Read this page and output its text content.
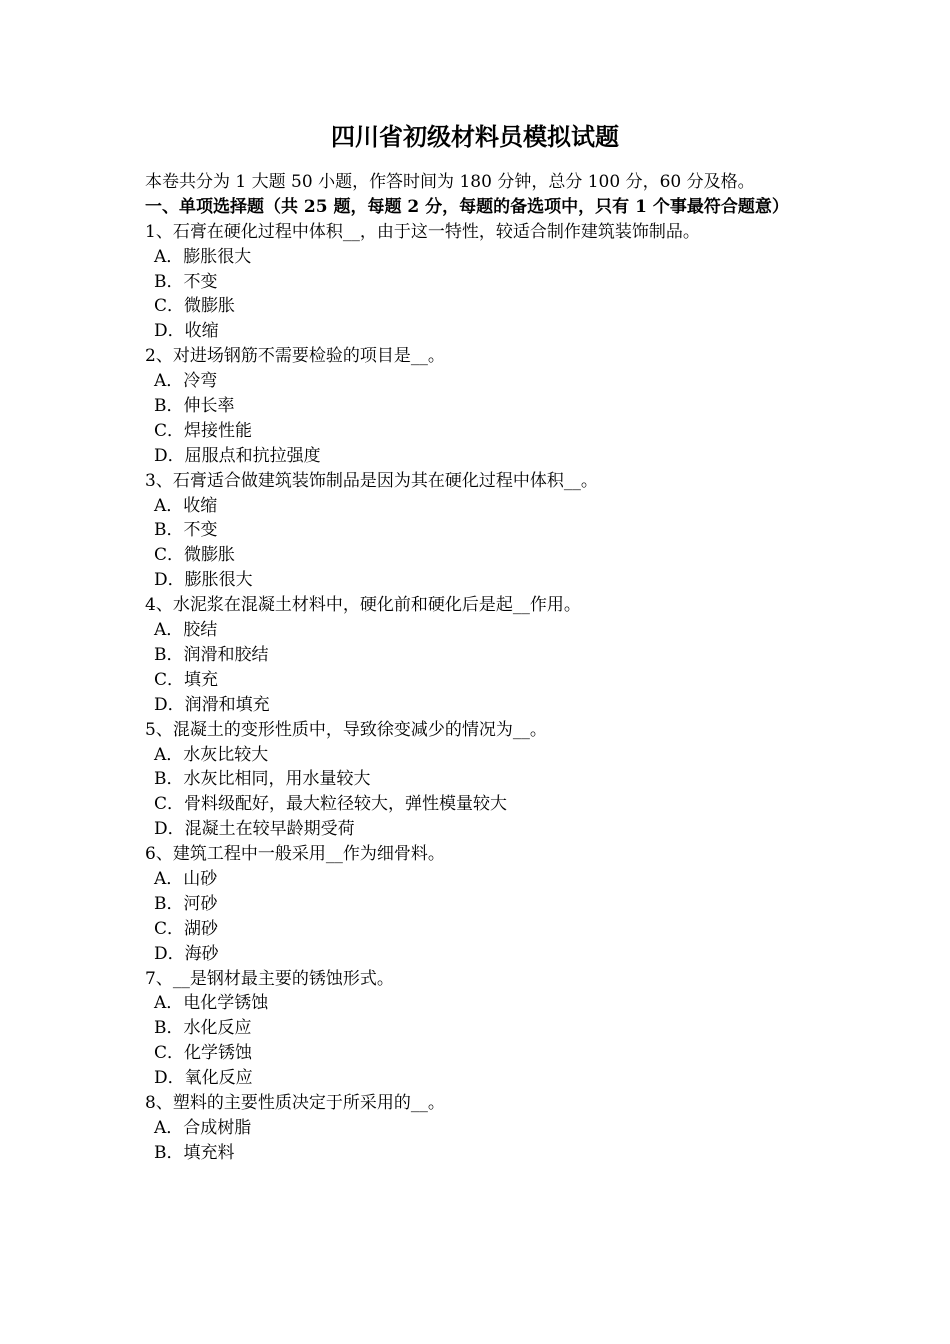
四川省初级材料员模拟试题

本卷共分为 1 大题 50 小题，作答时间为 180 分钟，总分 100 分，60 分及格。

一、单项选择题（共 25 题，每题 2 分，每题的备选项中，只有 1 个事最符合题意）

1、石膏在硬化过程中体积__，由于这一特性，较适合制作建筑装饰制品。

A．膨胀很大

B．不变

C．微膨胀

D．收缩

2、对进场钢筋不需要检验的项目是__。

A．冷弯

B．伸长率

C．焊接性能

D．屈服点和抗拉强度

3、石膏适合做建筑装饰制品是因为其在硬化过程中体积__。

A．收缩

B．不变

C．微膨胀

D．膨胀很大

4、水泥浆在混凝土材料中，硬化前和硬化后是起__作用。

A．胶结

B．润滑和胶结

C．填充

D．润滑和填充

5、混凝土的变形性质中，导致徐变减少的情况为__。

A．水灰比较大

B．水灰比相同，用水量较大

C．骨料级配好，最大粒径较大，弹性模量较大

D．混凝土在较早龄期受荷

6、建筑工程中一般采用__作为细骨料。

A．山砂

B．河砂

C．湖砂

D．海砂

7、__是钢材最主要的锈蚀形式。

A．电化学锈蚀

B．水化反应

C．化学锈蚀

D．氧化反应

8、塑料的主要性质决定于所采用的__。

A．合成树脂

B．填充料
